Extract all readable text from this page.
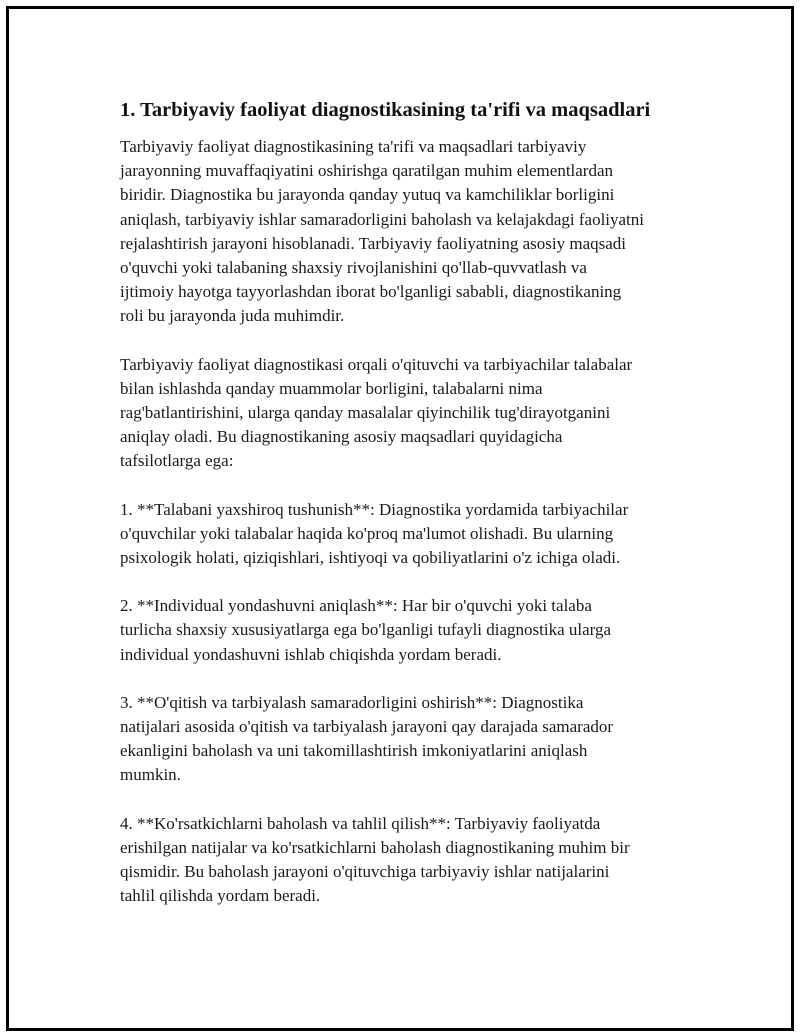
1. Tarbiyaviy faoliyat diagnostikasining ta'rifi va maqsadlari

Tarbiyaviy faoliyat diagnostikasining ta'rifi va maqsadlari tarbiyaviy
jarayonning muvaffaqiyatini oshirishga qaratilgan muhim elementlardan
biridir. Diagnostika bu jarayonda qanday yutuq va kamchiliklar borligini
aniqlash, tarbiyaviy ishlar samaradorligini baholash va kelajakdagi faoliyatni
rejalashtirish jarayoni hisoblanadi. Tarbiyaviy faoliyatning asosiy maqsadi
o'quvchi yoki talabaning shaxsiy rivojlanishini qo'llab-quvvatlash va
ijtimoiy hayotga tayyorlashdan iborat bo'lganligi sababli, diagnostikaning
roli bu jarayonda juda muhimdir.

Tarbiyaviy faoliyat diagnostikasi orqali o'qituvchi va tarbiyachilar talabalar
bilan ishlashda qanday muammolar borligini, talabalarni nima
rag'batlantirishini, ularga qanday masalalar qiyinchilik tug'dirayotganini
aniqlay oladi. Bu diagnostikaning asosiy maqsadlari quyidagicha
tafsilotlarga ega:

1. **Talabani yaxshiroq tushunish**: Diagnostika yordamida tarbiyachilar
o'quvchilar yoki talabalar haqida ko'proq ma'lumot olishadi. Bu ularning
psixologik holati, qiziqishlari, ishtiyoqi va qobiliyatlarini o'z ichiga oladi.

2. **Individual yondashuvni aniqlash**: Har bir o'quvchi yoki talaba
turlicha shaxsiy xususiyatlarga ega bo'lganligi tufayli diagnostika ularga
individual yondashuvni ishlab chiqishda yordam beradi.

3. **O'qitish va tarbiyalash samaradorligini oshirish**: Diagnostika
natijalari asosida o'qitish va tarbiyalash jarayoni qay darajada samarador
ekanligini baholash va uni takomillashtirish imkoniyatlarini aniqlash
mumkin.

4. **Ko'rsatkichlarni baholash va tahlil qilish**: Tarbiyaviy faoliyatda
erishilgan natijalar va ko'rsatkichlarni baholash diagnostikaning muhim bir
qismidir. Bu baholash jarayoni o'qituvchiga tarbiyaviy ishlar natijalarini
tahlil qilishda yordam beradi.
